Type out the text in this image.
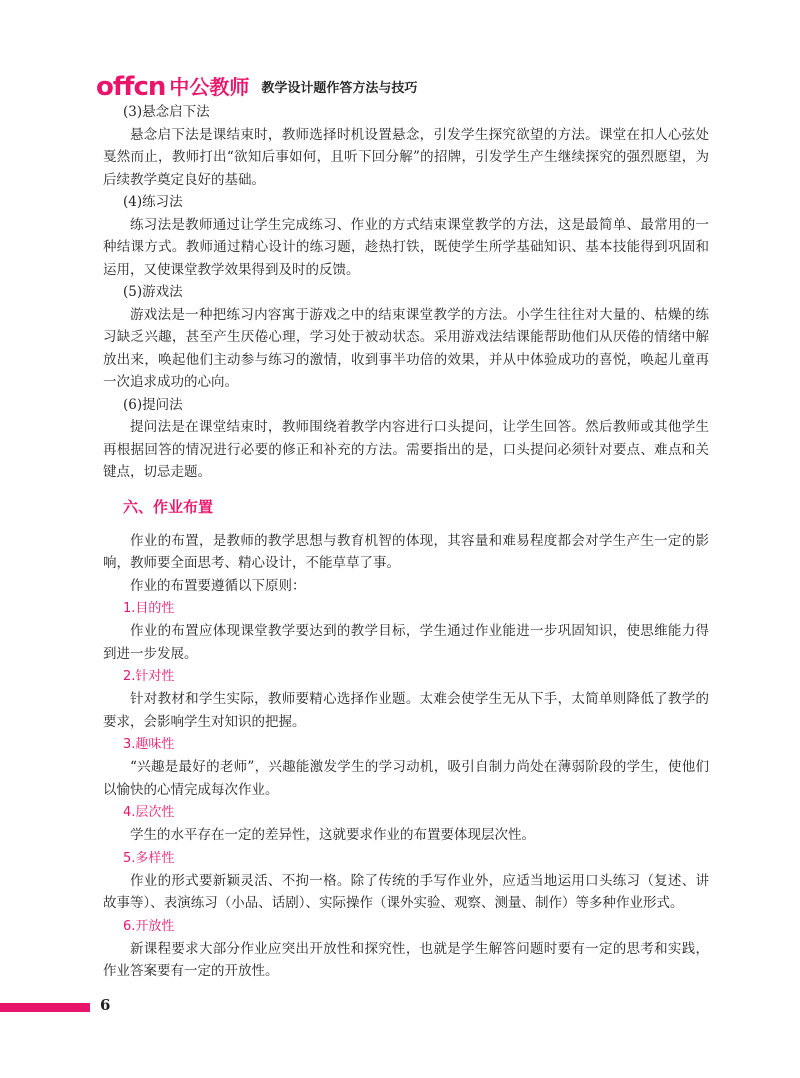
offcn 中公教师 教学设计题作答方法与技巧

(3)悬念启下法

悬念启下法是课结束时，教师选择时机设置悬念，引发学生探究欲望的方法。课堂在扣人心弦处戛然而止，教师打出“欲知后事如何，且听下回分解”的招牌，引发学生产生继续探究的强烈愿望，为后续教学奠定良好的基础。

(4)练习法

练习法是教师通过让学生完成练习、作业的方式结束课堂教学的方法，这是最简单、最常用的一种结课方式。教师通过精心设计的练习题，趁热打铁，既使学生所学基础知识、基本技能得到巩固和运用，又使课堂教学效果得到及时的反馈。

(5)游戏法

游戏法是一种把练习内容寓于游戏之中的结束课堂教学的方法。小学生往往对大量的、枯燥的练习缺乏兴趣，甚至产生厌倦心理，学习处于被动状态。采用游戏法结课能帮助他们从厌倦的情绪中解放出来，唤起他们主动参与练习的激情，收到事半功倍的效果，并从中体验成功的喜悦，唤起儿童再一次追求成功的心向。

(6)提问法

提问法是在课堂结束时，教师围绕着教学内容进行口头提问，让学生回答。然后教师或其他学生再根据回答的情况进行必要的修正和补充的方法。需要指出的是，口头提问必须针对要点、难点和关键点，切忌走题。

六、作业布置

作业的布置，是教师的教学思想与教育机智的体现，其容量和难易程度都会对学生产生一定的影响，教师要全面思考、精心设计，不能草草了事。

作业的布置要遵循以下原则：

1.目的性

作业的布置应体现课堂教学要达到的教学目标，学生通过作业能进一步巩固知识，使思维能力得到进一步发展。

2.针对性

针对教材和学生实际，教师要精心选择作业题。太难会使学生无从下手，太简单则降低了教学的要求，会影响学生对知识的把握。

3.趣味性

“兴趣是最好的老师”，兴趣能激发学生的学习动机，吸引自制力尚处在薄弱阶段的学生，使他们以愉快的心情完成每次作业。

4.层次性

学生的水平存在一定的差异性，这就要求作业的布置要体现层次性。

5.多样性

作业的形式要新颖灵活、不拘一格。除了传统的手写作业外，应适当地运用口头练习（复述、讲故事等）、表演练习（小品、话剧）、实际操作（课外实验、观察、测量、制作）等多种作业形式。

6.开放性

新课程要求大部分作业应突出开放性和探究性，也就是学生解答问题时要有一定的思考和实践，作业答案要有一定的开放性。

6
